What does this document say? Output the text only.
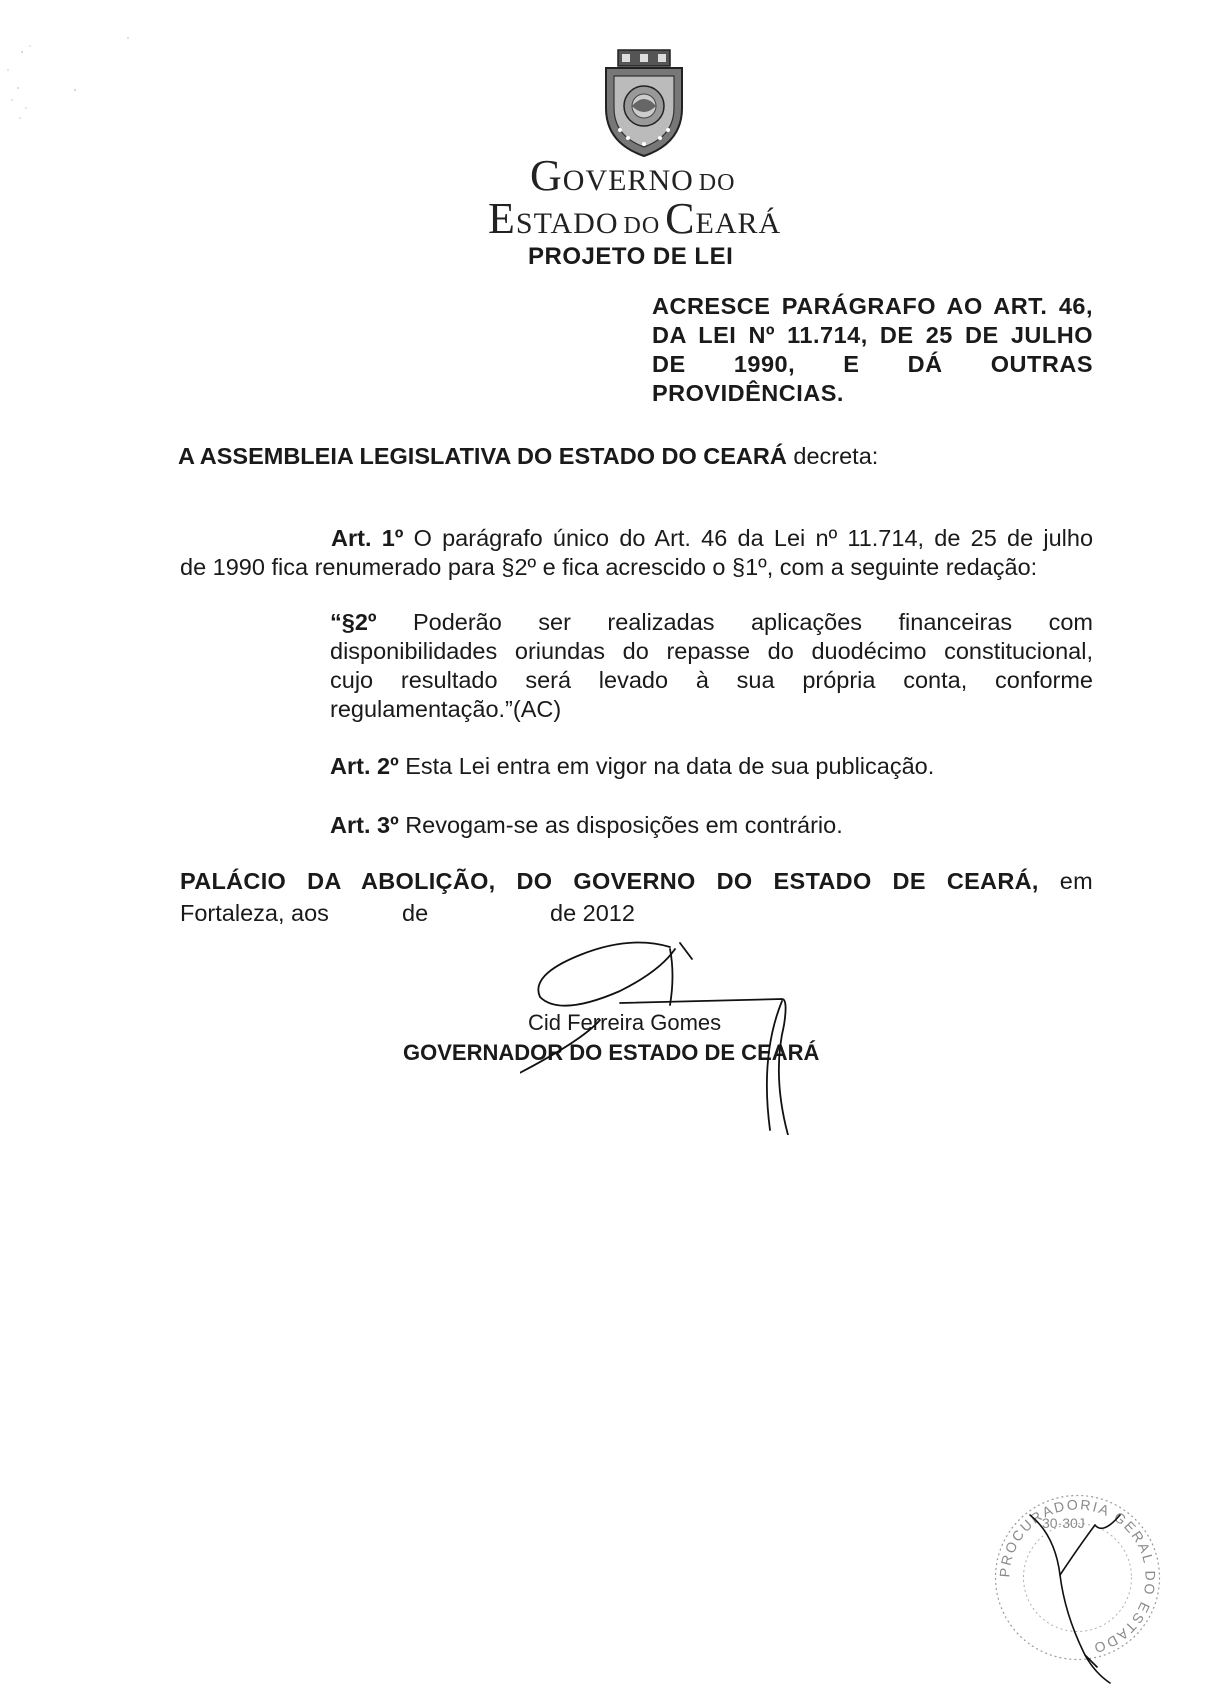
GOVERNO DO
ESTADO DO CEARÁ
PROJETO DE LEI
ACRESCE PARÁGRAFO AO ART. 46,
DA LEI Nº 11.714, DE 25 DE JULHO
DE 1990, E DÁ OUTRAS
PROVIDÊNCIAS.
A ASSEMBLEIA LEGISLATIVA DO ESTADO DO CEARÁ decreta:
Art. 1º O parágrafo único do Art. 46 da Lei nº 11.714, de 25 de julho
de 1990 fica renumerado para §2º e fica acrescido o §1º, com a seguinte redação:
“§2º Poderão ser realizadas aplicações financeiras com
disponibilidades oriundas do repasse do duodécimo constitucional,
cujo resultado será levado à sua própria conta, conforme
regulamentação.”(AC)
Art. 2º Esta Lei entra em vigor na data de sua publicação.
Art. 3º Revogam-se as disposições em contrário.
PALÁCIO DA ABOLIÇÃO, DO GOVERNO DO ESTADO DE CEARÁ, em
Fortaleza, aos	de	de 2012
Cid Ferreira Gomes
GOVERNADOR DO ESTADO DE CEARÁ
PROCURADORIA GERAL DO ESTADO
30·30J
